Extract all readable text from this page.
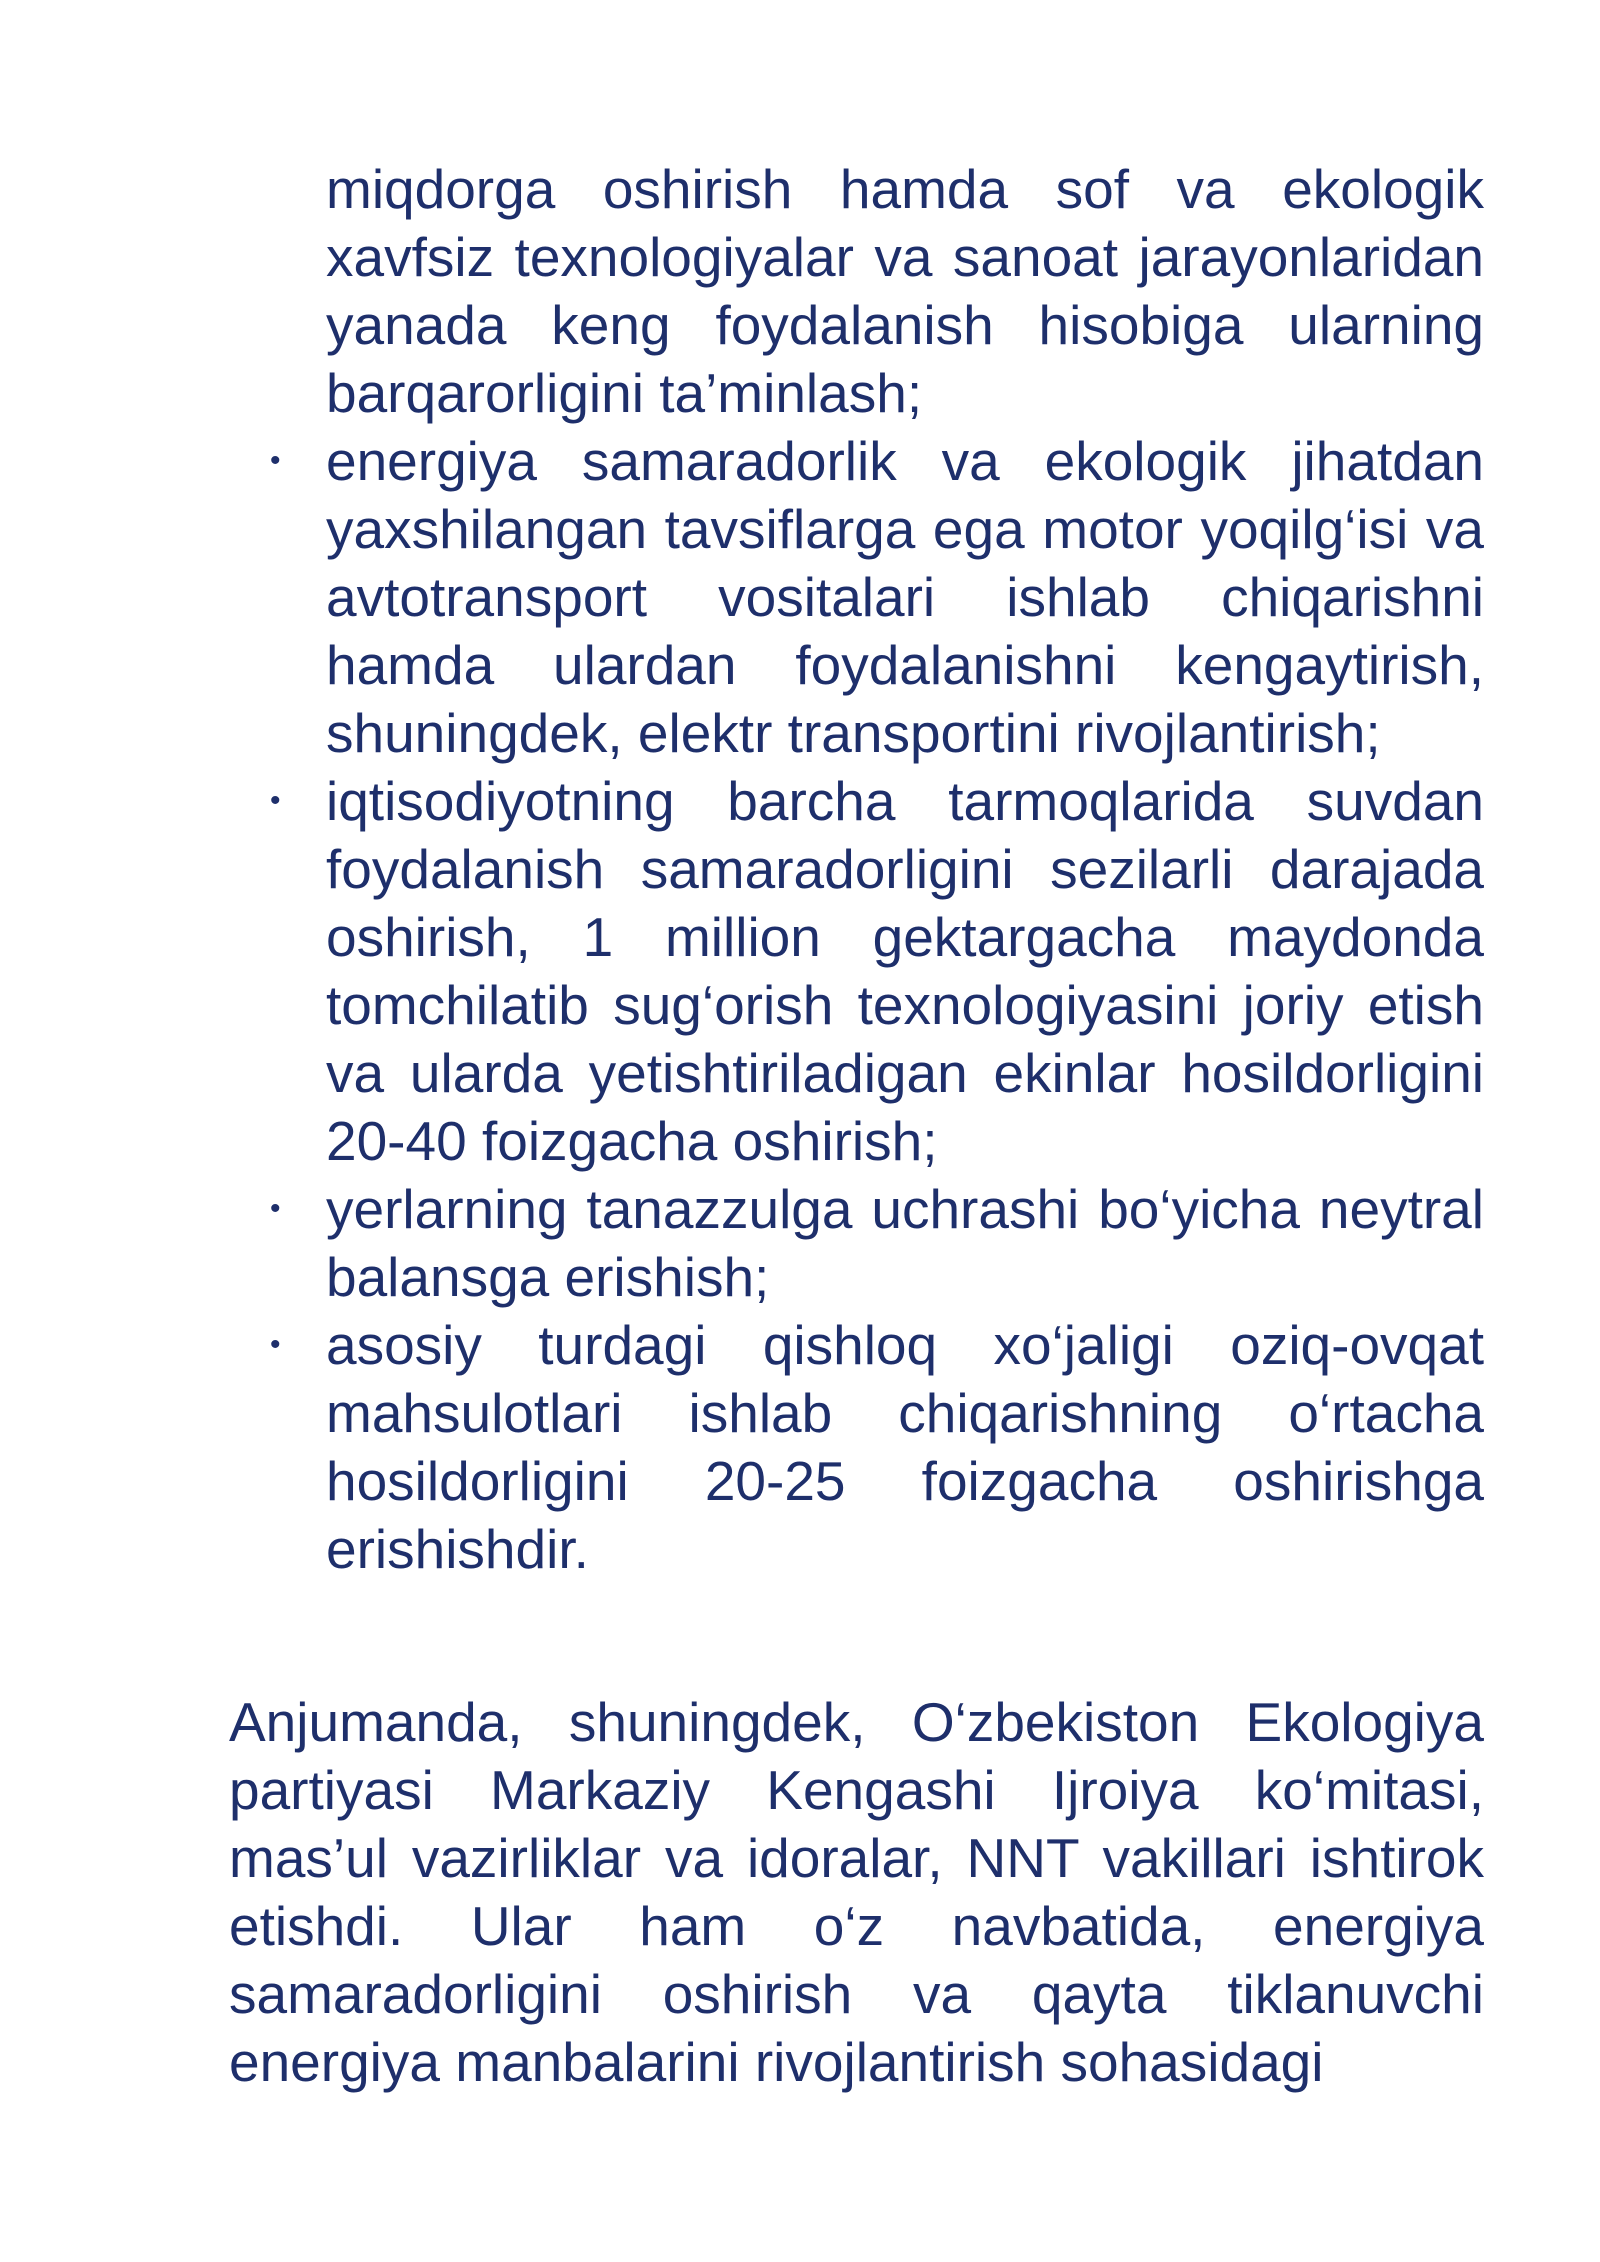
miqdorga oshirish hamda sof va ekologik xavfsiz texnologiyalar va sanoat jarayonlaridan yanada keng foydalanish hisobiga ularning barqarorligini ta’minlash;
• energiya samaradorlik va ekologik jihatdan yaxshilangan tavsiflarga ega motor yoqilg‘isi va avtotransport vositalari ishlab chiqarishni hamda ulardan foydalanishni kengaytirish, shuningdek, elektr transportini rivojlantirish;
• iqtisodiyotning barcha tarmoqlarida suvdan foydalanish samaradorligini sezilarli darajada oshirish, 1 million gektargacha maydonda tomchilatib sug‘orish texnologiyasini joriy etish va ularda yetishtiriladigan ekinlar hosildorligini 20-40 foizgacha oshirish;
• yerlarning tanazzulga uchrashi bo‘yicha neytral balansga erishish;
• asosiy turdagi qishloq xo‘jaligi oziq-ovqat mahsulotlari ishlab chiqarishning o‘rtacha hosildorligini 20-25 foizgacha oshirishga erishishdir.

Anjumanda, shuningdek, O‘zbekiston Ekologiya partiyasi Markaziy Kengashi Ijroiya ko‘mitasi, mas’ul vazirliklar va idoralar, NNT vakillari ishtirok etishdi. Ular ham o‘z navbatida, energiya samaradorligini oshirish va qayta tiklanuvchi energiya manbalarini rivojlantirish sohasidagi
